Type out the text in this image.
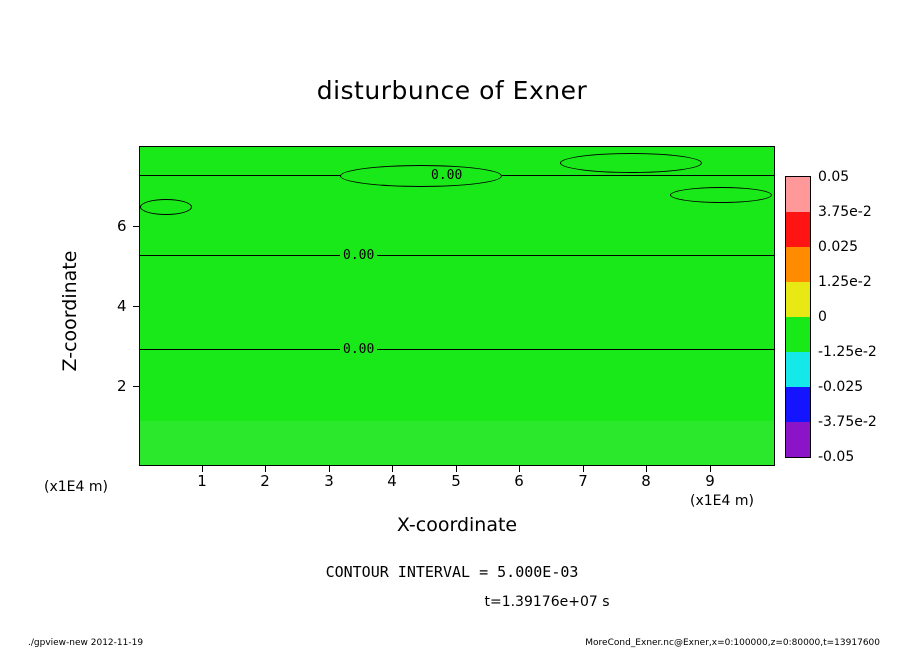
disturbunce of Exner
0.00
0.00
0.00
1	2	3	4	5	6	7	8	9
2
4
6
Z-coordinate
X-coordinate
(x1E4 m)
(x1E4 m)
0.05
3.75e-2
0.025
1.25e-2
0
-1.25e-2
-0.025
-3.75e-2
-0.05
CONTOUR INTERVAL = 5.000E-03
t=1.39176e+07 s
./gpview-new 2012-11-19	MoreCond_Exner.nc@Exner,x=0:100000,z=0:80000,t=13917600
